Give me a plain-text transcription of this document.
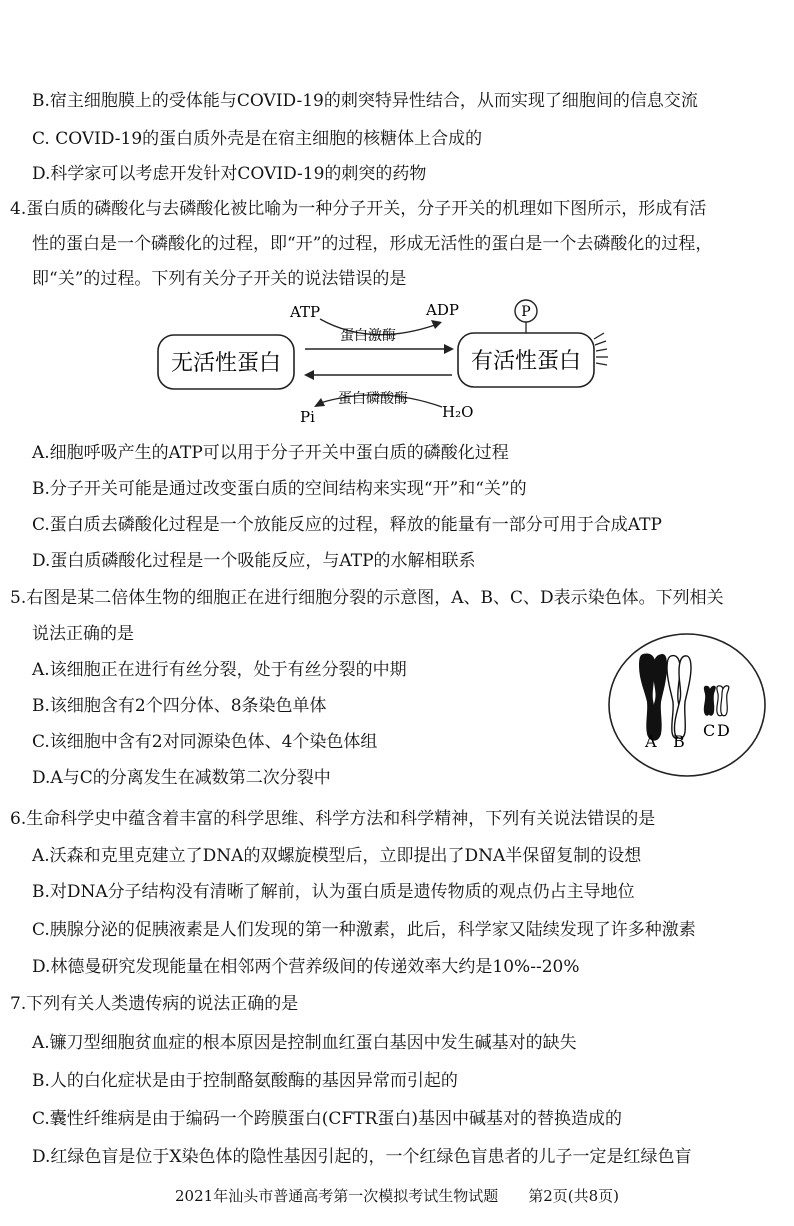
B.宿主细胞膜上的受体能与COVID-19的刺突特异性结合，从而实现了细胞间的信息交流
C. COVID-19的蛋白质外壳是在宿主细胞的核糖体上合成的
D.科学家可以考虑开发针对COVID-19的刺突的药物
4.蛋白质的磷酸化与去磷酸化被比喻为一种分子开关，分子开关的机理如下图所示，形成有活
性的蛋白是一个磷酸化的过程，即“开”的过程，形成无活性的蛋白是一个去磷酸化的过程，
即“关”的过程。下列有关分子开关的说法错误的是
无活性蛋白	有活性蛋白
P
ATP	ADP
蛋白激酶
蛋白磷酸酶
Pi	H₂O
A.细胞呼吸产生的ATP可以用于分子开关中蛋白质的磷酸化过程
B.分子开关可能是通过改变蛋白质的空间结构来实现“开”和“关”的
C.蛋白质去磷酸化过程是一个放能反应的过程，释放的能量有一部分可用于合成ATP
D.蛋白质磷酸化过程是一个吸能反应，与ATP的水解相联系
5.右图是某二倍体生物的细胞正在进行细胞分裂的示意图，A、B、C、D表示染色体。下列相关
说法正确的是
A.该细胞正在进行有丝分裂，处于有丝分裂的中期
B.该细胞含有2个四分体、8条染色单体
C.该细胞中含有2对同源染色体、4个染色体组
D.A与C的分离发生在减数第二次分裂中
A B
C D
6.生命科学史中蕴含着丰富的科学思维、科学方法和科学精神，下列有关说法错误的是
A.沃森和克里克建立了DNA的双螺旋模型后，立即提出了DNA半保留复制的设想
B.对DNA分子结构没有清晰了解前，认为蛋白质是遗传物质的观点仍占主导地位
C.胰腺分泌的促胰液素是人们发现的第一种激素，此后，科学家又陆续发现了许多种激素
D.林德曼研究发现能量在相邻两个营养级间的传递效率大约是10%--20%
7.下列有关人类遗传病的说法正确的是
A.镰刀型细胞贫血症的根本原因是控制血红蛋白基因中发生碱基对的缺失
B.人的白化症状是由于控制酪氨酸酶的基因异常而引起的
C.囊性纤维病是由于编码一个跨膜蛋白(CFTR蛋白)基因中碱基对的替换造成的
D.红绿色盲是位于X染色体的隐性基因引起的，一个红绿色盲患者的儿子一定是红绿色盲
2021年汕头市普通高考第一次模拟考试生物试题　　第2页(共8页)
